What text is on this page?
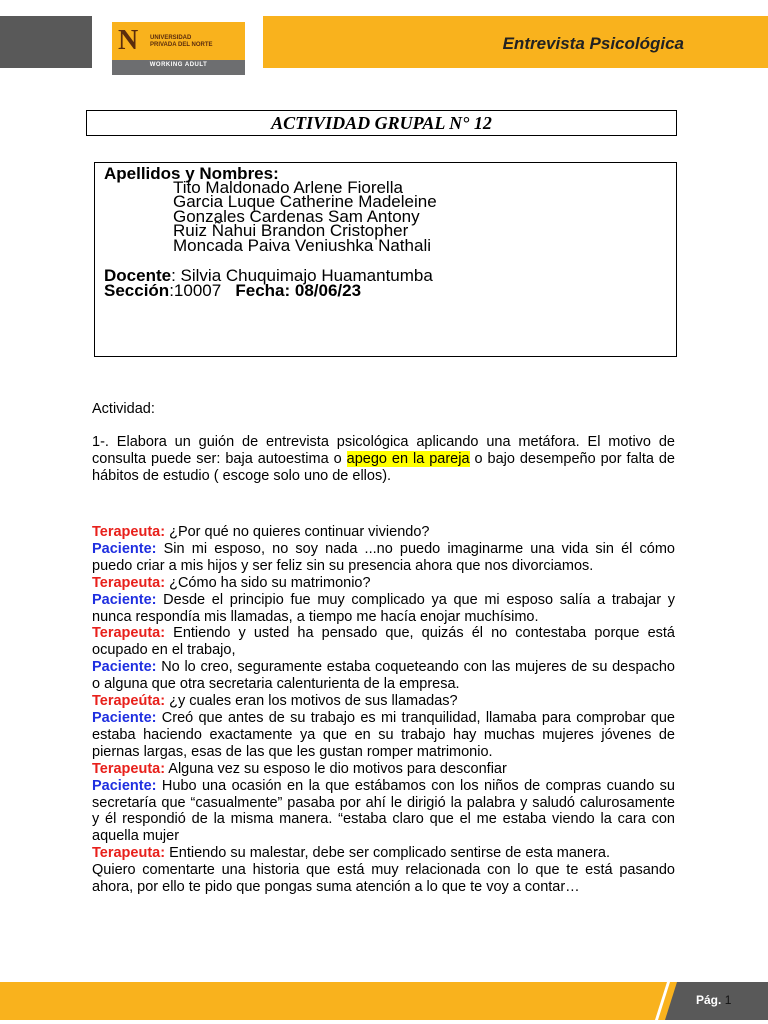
N UNIVERSIDAD
PRIVADA DEL NORTE
WORKING ADULT
Entrevista Psicológica
ACTIVIDAD GRUPAL N° 12
Apellidos y Nombres:
Tito Maldonado Arlene Fiorella
Garcia Luque Catherine Madeleine
Gonzales Cardenas Sam Antony
Ruiz Ñahui Brandon Cristopher
Moncada Paiva Veniushka Nathali
Docente: Silvia Chuquimajo Huamantumba
Sección:10007 Fecha: 08/06/23
Actividad:
1-. Elabora un guión de entrevista psicológica aplicando una metáfora. El motivo de consulta puede ser: baja autoestima o apego en la pareja o bajo desempeño por falta de hábitos de estudio ( escoge solo uno de ellos).

Terapeuta: ¿Por qué no quieres continuar viviendo?

Paciente: Sin mi esposo, no soy nada ...no puedo imaginarme una vida sin él cómo puedo criar a mis hijos y ser feliz sin su presencia ahora que nos divorciamos.

Terapeuta: ¿Cómo ha sido su matrimonio?

Paciente: Desde el principio fue muy complicado ya que mi esposo salía a trabajar y nunca respondía mis llamadas, a tiempo me hacía enojar muchísimo.

Terapeuta: Entiendo y usted ha pensado que, quizás él no contestaba porque está ocupado en el trabajo,

Paciente: No lo creo, seguramente estaba coqueteando con las mujeres de su despacho o alguna que otra secretaria calenturienta de la empresa.

Terapeúta: ¿y cuales eran los motivos de sus llamadas?

Paciente: Creó que antes de su trabajo es mi tranquilidad, llamaba para comprobar que estaba haciendo exactamente ya que en su trabajo hay muchas mujeres jóvenes de piernas largas, esas de las que les gustan romper matrimonio.

Terapeuta: Alguna vez su esposo le dio motivos para desconfiar

Paciente: Hubo una ocasión en la que estábamos con los niños de compras cuando su secretaría que “casualmente” pasaba por ahí le dirigió la palabra y saludó calurosamente y él respondió de la misma manera. “estaba claro que el me estaba viendo la cara con aquella mujer

Terapeuta: Entiendo su malestar, debe ser complicado sentirse de esta manera.

Quiero comentarte una historia que está muy relacionada con lo que te está pasando ahora, por ello te pido que pongas suma atención a lo que te voy a contar…

Pág. 1
